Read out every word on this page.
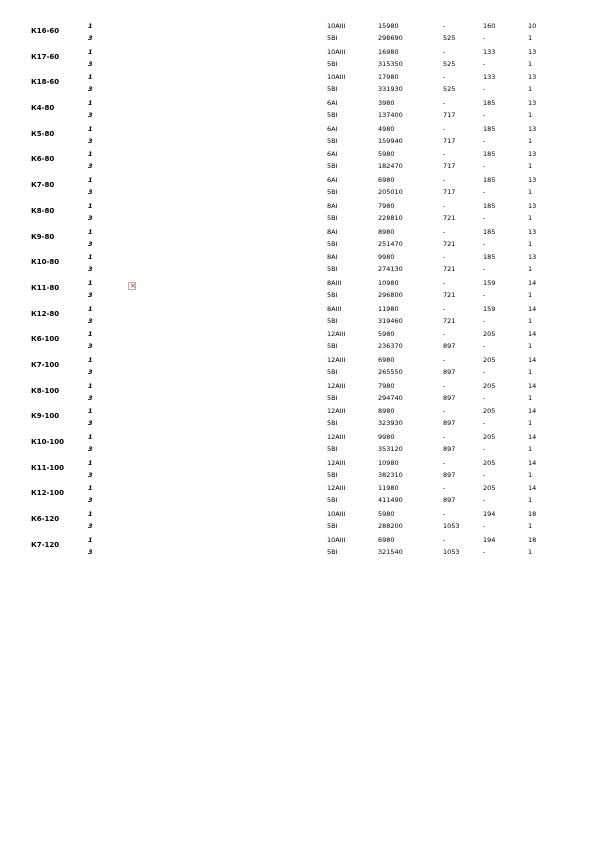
К16-60
1	10АIII	15980	-	160	10
3	5ВI	298690	525	-	1
К17-60
1	10АIII	16980	-	133	13
3	5ВI	315350	525	-	1
К18-60
1	10АIII	17980	-	133	13
3	5ВI	331930	525	-	1
К4-80
1	6АI	3980	-	185	13
3	5ВI	137400	717	-	1
К5-80
1	6АI	4980	-	185	13
3	5ВI	159940	717	-	1
К6-80
1	6АI	5980	-	185	13
3	5ВI	182470	717	-	1
К7-80
1	6АI	6980	-	185	13
3	5ВI	205010	717	-	1
К8-80
1	8АI	7980	-	185	13
3	5ВI	228810	721	-	1
К9-80
1	8АI	8980	-	185	13
3	5ВI	251470	721	-	1
К10-80
1	8АI	9980	-	185	13
3	5ВI	274130	721	-	1
К11-80
1	8АIII	10980	-	159	14
3	5ВI	296800	721	-	1
К12-80
1	8АIII	11980	-	159	14
3	5ВI	319460	721	-	1
К6-100
1	12АIII	5980	-	205	14
3	5ВI	236370	897	-	1
К7-100
1	12АIII	6980	-	205	14
3	5ВI	265550	897	-	1
К8-100
1	12АIII	7980	-	205	14
3	5ВI	294740	897	-	1
К9-100
1	12АIII	8980	-	205	14
3	5ВI	323930	897	-	1
К10-100
1	12АIII	9980	-	205	14
3	5ВI	353120	897	-	1
К11-100
1	12АIII	10980	-	205	14
3	5ВI	382310	897	-	1
К12-100
1	12АIII	11980	-	205	14
3	5ВI	411490	897	-	1
К6-120
1	10АIII	5980	-	194	18
3	5ВI	288200	1053	-	1
К7-120
1	10АIII	6980	-	194	18
3	5ВI	321540	1053	-	1
×
